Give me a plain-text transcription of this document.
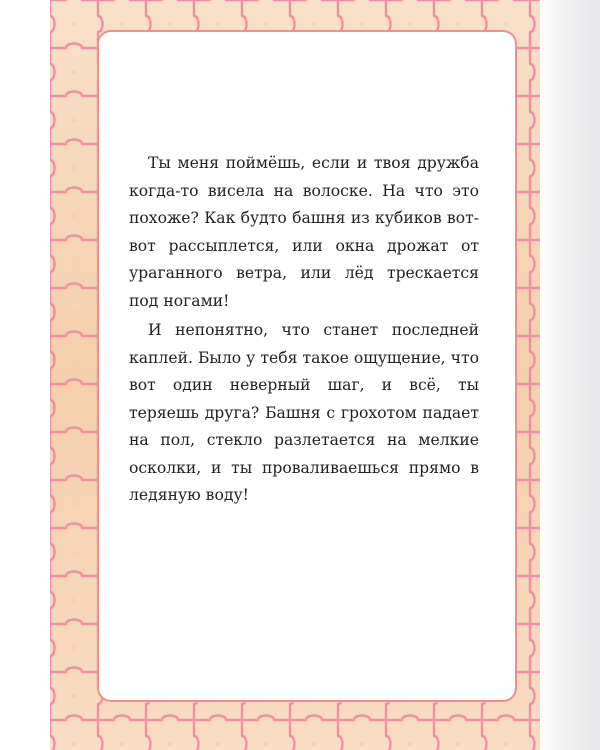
Ты меня поймёшь, если и твоя дружба когда-то висела на волоске. На что это похоже? Как будто башня из кубиков вот-вот рассыплется, или окна дрожат от ураганного ветра, или лёд трескается под ногами!

И непонятно, что станет последней каплей. Было у тебя такое ощущение, что вот один неверный шаг, и всё, ты теряешь друга? Башня с грохотом падает на пол, стекло разлетается на мелкие осколки, и ты проваливаешься прямо в ледяную воду!
